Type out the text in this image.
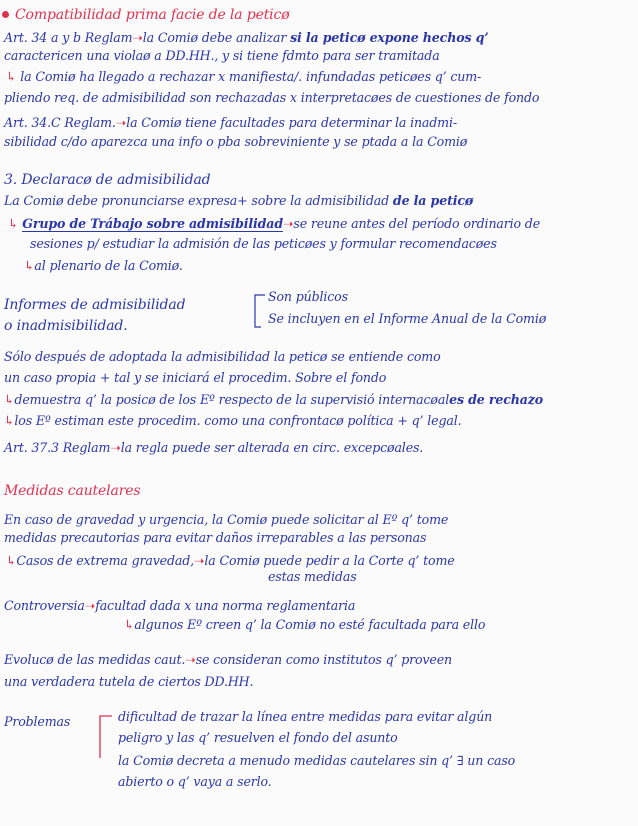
Compatibilidad prima facie de la peticø
Art. 34 a y b Reglam➝la Comiø debe analizar si la peticø expone hechos q’
caractericen una violaø a DD.HH., y si tiene fdmto para ser tramitada
↳ la Comiø ha llegado a rechazar x manifiesta/. infundadas peticøes q’ cum-
pliendo req. de admisibilidad son rechazadas x interpretacøes de cuestiones de fondo
Art. 34.C Reglam.➝la Comiø tiene facultades para determinar la inadmi-
sibilidad c/do aparezca una info o pba sobreviniente y se ptada a la Comiø
3. Declaracø de admisibilidad
La Comiø debe pronunciarse expresa+ sobre la admisibilidad de la peticø
↳ Grupo de Trábajo sobre admisibilidad➝se reune antes del período ordinario de
sesiones p/ estudiar la admisión de las peticøes y formular recomendacøes
↳al plenario de la Comiø.
Informes de admisibilidad
o inadmisibilidad.
Son públicos
Se incluyen en el Informe Anual de la Comiø
Sólo después de adoptada la admisibilidad la peticø se entiende como
un caso propia + tal y se iniciará el procedim. Sobre el fondo
↳demuestra q’ la posicø de los Eº respecto de la supervisió internacøales de rechazo
↳los Eº estiman este procedim. como una confrontacø política + q’ legal.
Art. 37.3 Reglam➝la regla puede ser alterada en circ. excepcøales.
Medidas cautelares
En caso de gravedad y urgencia, la Comiø puede solicitar al Eº q’ tome
medidas precautorias para evitar daños irreparables a las personas
↳Casos de extrema gravedad,➝la Comiø puede pedir a la Corte q’ tome
estas medidas
Controversia➝facultad dada x una norma reglamentaria
↳algunos Eº creen q’ la Comiø no esté facultada para ello
Evolucø de las medidas caut.➝se consideran como institutos q’ proveen
una verdadera tutela de ciertos DD.HH.
Problemas	dificultad de trazar la línea entre medidas para evitar algún
peligro y las q’ resuelven el fondo del asunto
la Comiø decreta a menudo medidas cautelares sin q’ ∃ un caso
abierto o q’ vaya a serlo.
